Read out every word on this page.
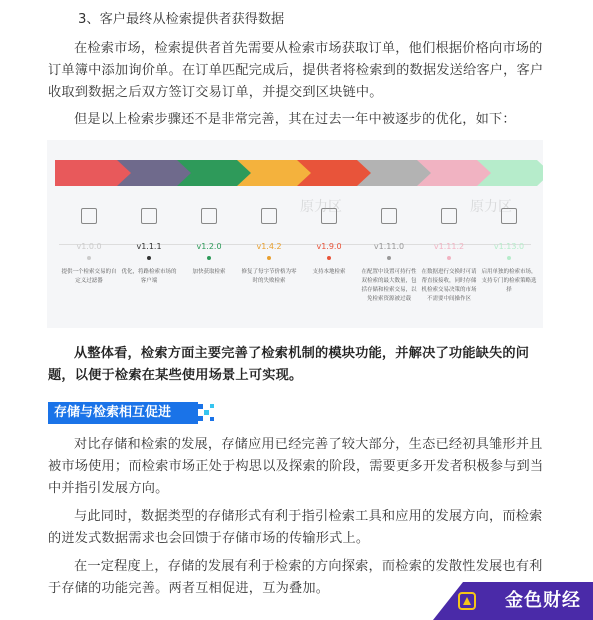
3、客户最终从检索提供者获得数据

在检索市场，检索提供者首先需要从检索市场获取订单，他们根据价格向市场的订单簿中添加询价单。在订单匹配完成后，提供者将检索到的数据发送给客户，客户收取到数据之后双方签订交易订单，并提交到区块链中。

但是以上检索步骤还不是非常完善，其在过去一年中被逐步的优化，如下：

v1.0.0
提供一个检索交易的自定义过滤器
v1.1.1
优化，将路检索市场的客户端
v1.2.0
加快获取检索
v1.4.2
修复了每字节价格为零时的失败检索
v1.9.0
支持本地检索
v1.11.0
在配置中设置可持行性双检索的最大数量，包括存储和检索交易，以免检索资源被过载
v1.11.2
在数据进行交换时可请帮直接接收，同时存储机检索交易决策的市场不需要中间操作区
v1.13.0
启用单独的检索市场，支持专门的检索策略选择

从整体看，检索方面主要完善了检索机制的模块功能，并解决了功能缺失的问题，以便于检索在某些使用场景上可实现。

存储与检索相互促进

对比存储和检索的发展，存储应用已经完善了较大部分，生态已经初具雏形并且被市场使用；而检索市场正处于构思以及探索的阶段，需要更多开发者积极参与到当中并指引发展方向。

与此同时，数据类型的存储形式有利于指引检索工具和应用的发展方向，而检索的迸发式数据需求也会回馈于存储市场的传输形式上。

在一定程度上，存储的发展有利于检索的方向探索，而检索的发散性发展也有利于存储的功能完善。两者互相促进，互为叠加。

原力区	原力区
金色财经
